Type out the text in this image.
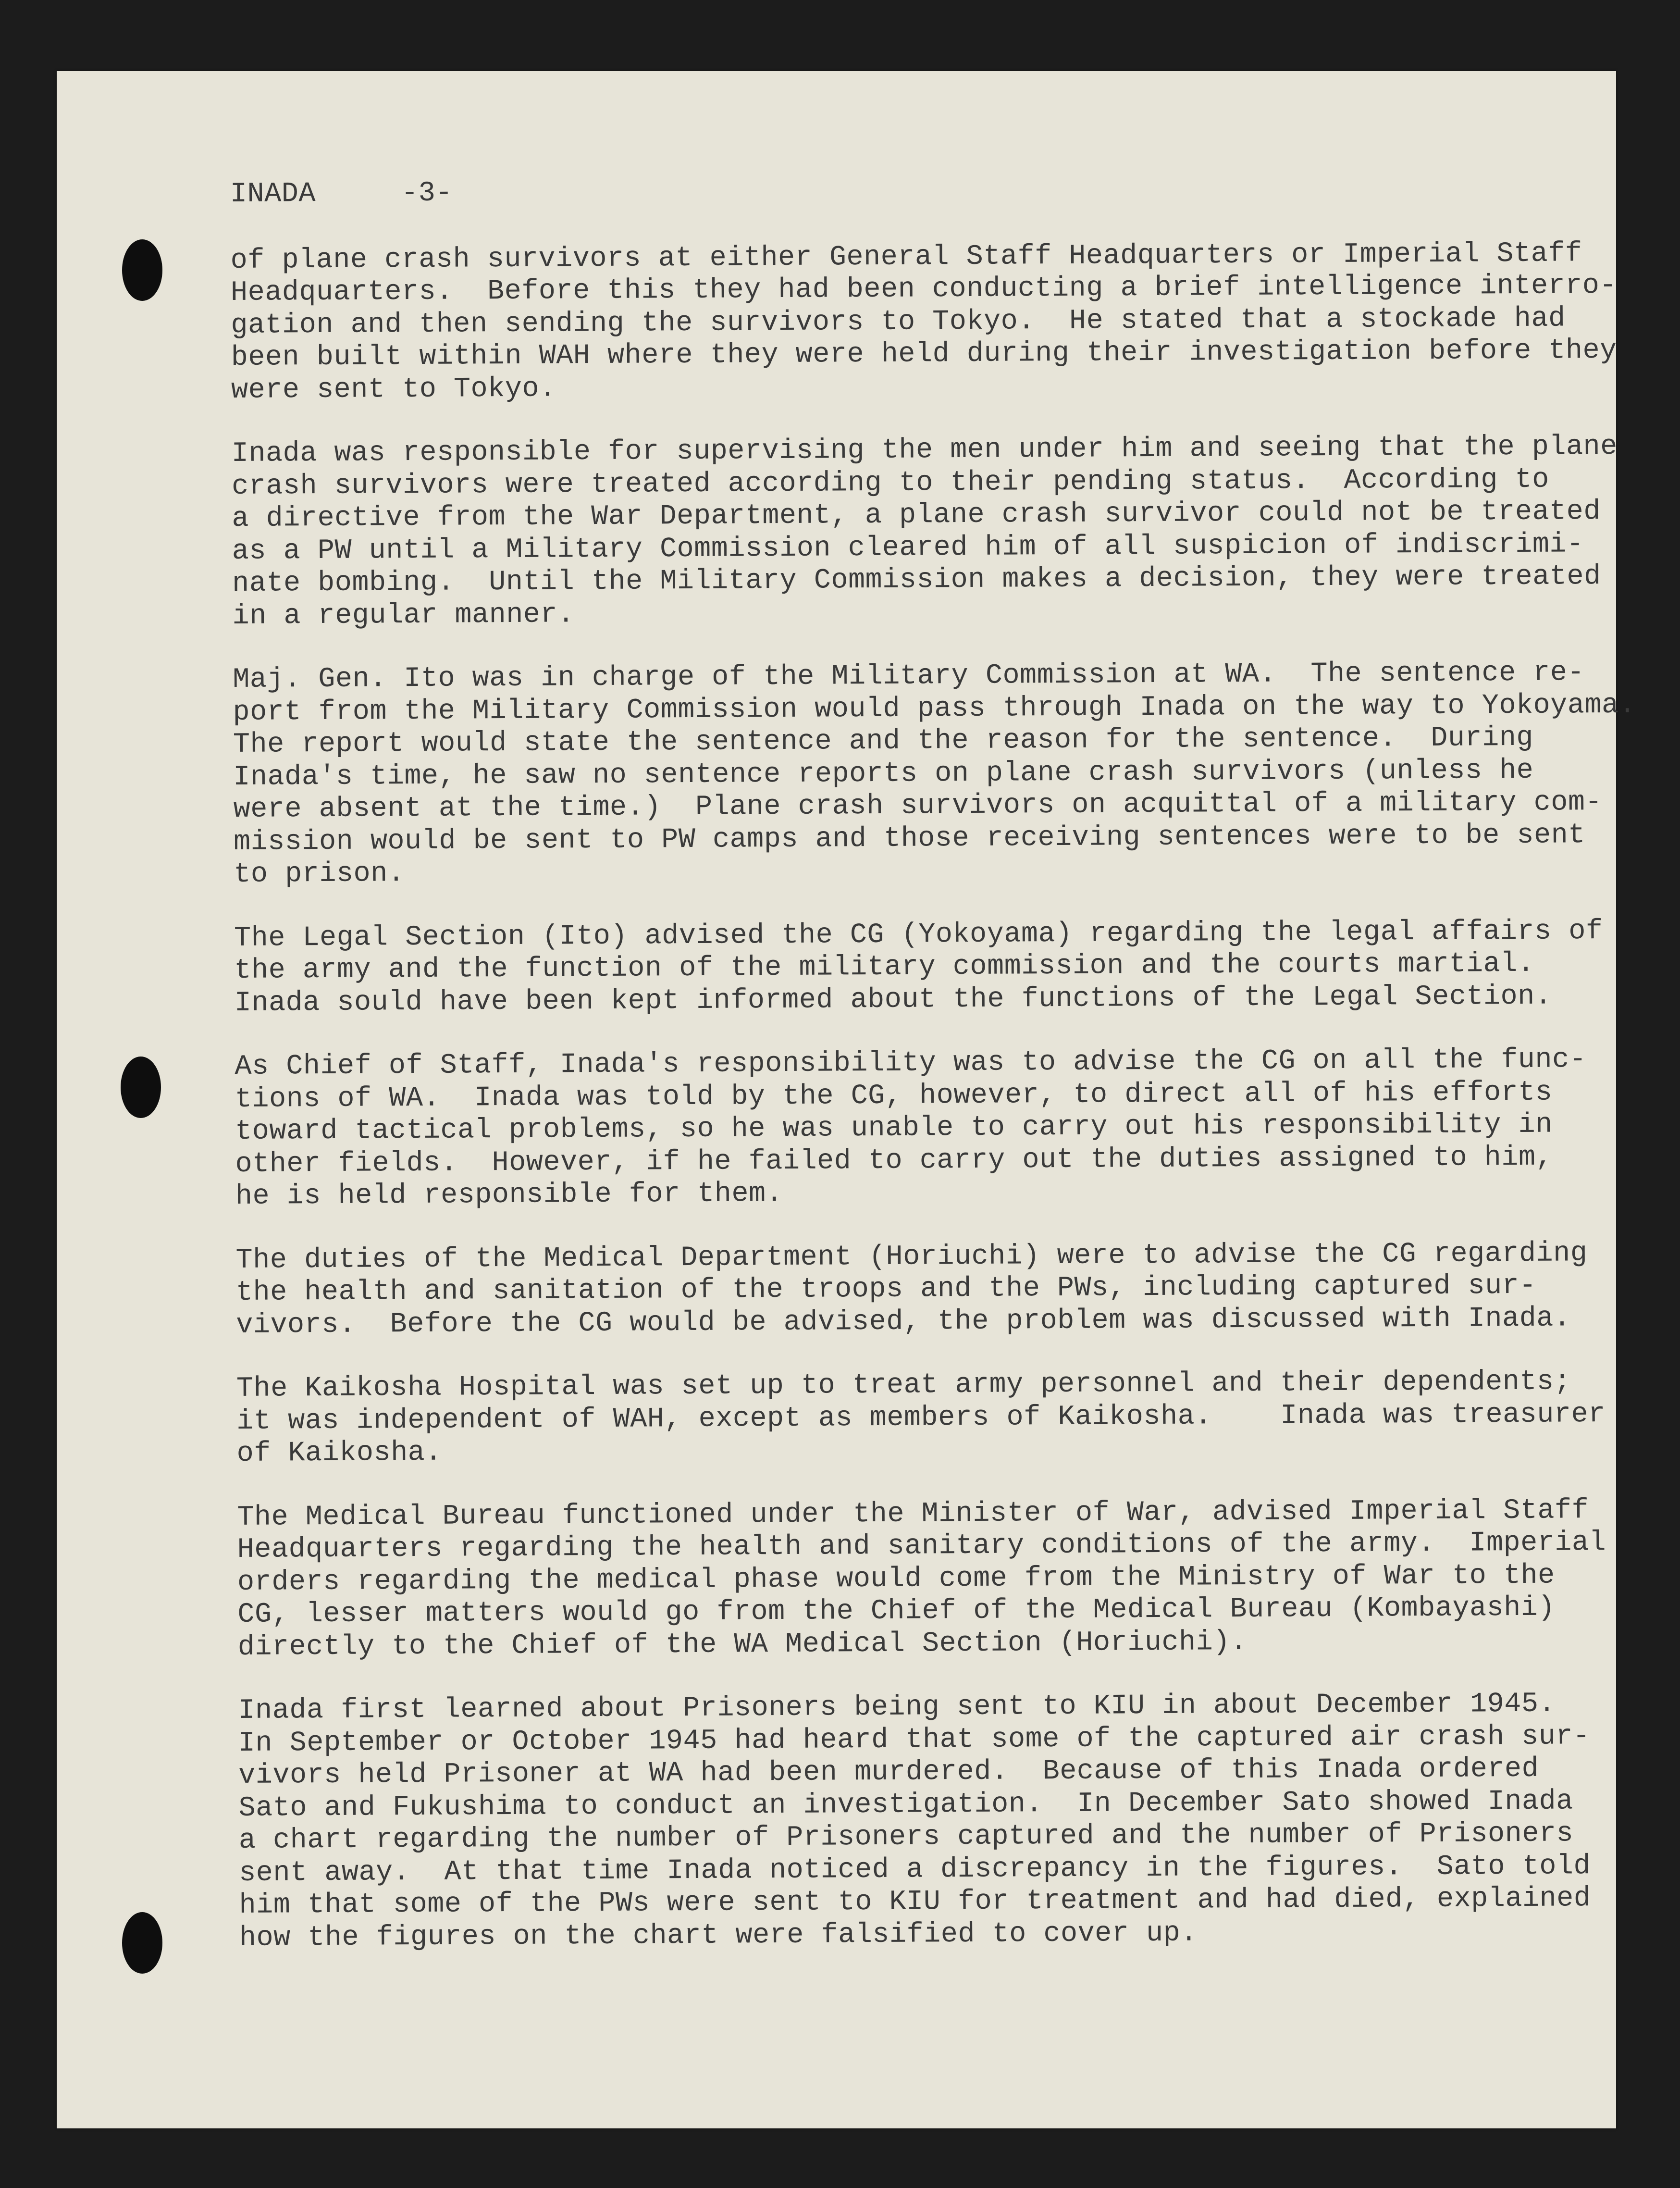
INADA	-3-
of plane crash survivors at either General Staff Headquarters or Imperial Staff
Headquarters.  Before this they had been conducting a brief intelligence interro-
gation and then sending the survivors to Tokyo.  He stated that a stockade had
been built within WAH where they were held during their investigation before they
were sent to Tokyo.
Inada was responsible for supervising the men under him and seeing that the plane
crash survivors were treated according to their pending status.  According to
a directive from the War Department, a plane crash survivor could not be treated
as a PW until a Military Commission cleared him of all suspicion of indiscrimi-
nate bombing.  Until the Military Commission makes a decision, they were treated
in a regular manner.
Maj. Gen. Ito was in charge of the Military Commission at WA.  The sentence re-
port from the Military Commission would pass through Inada on the way to Yokoyama.
The report would state the sentence and the reason for the sentence.  During
Inada's time, he saw no sentence reports on plane crash survivors (unless he
were absent at the time.)  Plane crash survivors on acquittal of a military com-
mission would be sent to PW camps and those receiving sentences were to be sent
to prison.
The Legal Section (Ito) advised the CG (Yokoyama) regarding the legal affairs of
the army and the function of the military commission and the courts martial.
Inada sould have been kept informed about the functions of the Legal Section.
As Chief of Staff, Inada's responsibility was to advise the CG on all the func-
tions of WA.  Inada was told by the CG, however, to direct all of his efforts
toward tactical problems, so he was unable to carry out his responsibility in
other fields.  However, if he failed to carry out the duties assigned to him,
he is held responsible for them.
The duties of the Medical Department (Horiuchi) were to advise the CG regarding
the health and sanitation of the troops and the PWs, including captured sur-
vivors.  Before the CG would be advised, the problem was discussed with Inada.
The Kaikosha Hospital was set up to treat army personnel and their dependents;
it was independent of WAH, except as members of Kaikosha.    Inada was treasurer
of Kaikosha.
The Medical Bureau functioned under the Minister of War, advised Imperial Staff
Headquarters regarding the health and sanitary conditions of the army.  Imperial
orders regarding the medical phase would come from the Ministry of War to the
CG, lesser matters would go from the Chief of the Medical Bureau (Kombayashi)
directly to the Chief of the WA Medical Section (Horiuchi).
Inada first learned about Prisoners being sent to KIU in about December 1945.
In September or October 1945 had heard that some of the captured air crash sur-
vivors held Prisoner at WA had been murdered.  Because of this Inada ordered
Sato and Fukushima to conduct an investigation.  In December Sato showed Inada
a chart regarding the number of Prisoners captured and the number of Prisoners
sent away.  At that time Inada noticed a discrepancy in the figures.  Sato told
him that some of the PWs were sent to KIU for treatment and had died, explained
how the figures on the chart were falsified to cover up.
